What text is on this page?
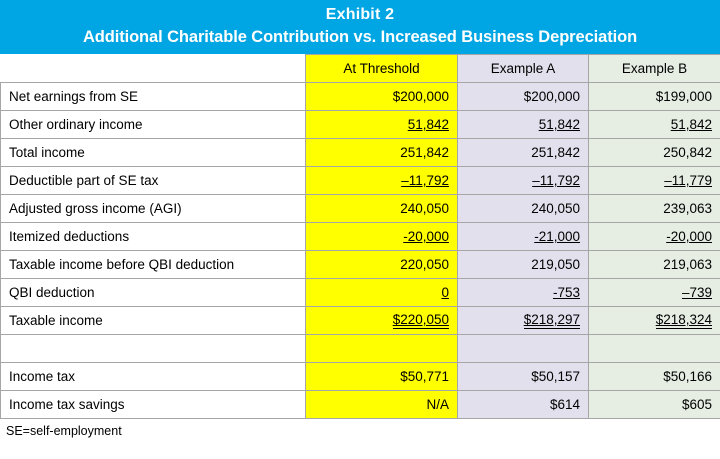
Exhibit 2
Additional Charitable Contribution vs. Increased Business Depreciation
	At Threshold	Example A	Example B
Net earnings from SE	$200,000	$200,000	$199,000
Other ordinary income	51,842	51,842	51,842
Total income	251,842	251,842	250,842
Deductible part of SE tax	–11,792	–11,792	–11,779
Adjusted gross income (AGI)	240,050	240,050	239,063
Itemized deductions	-20,000	-21,000	-20,000
Taxable income before QBI deduction	220,050	219,050	219,063
QBI deduction	0	-753	–739
Taxable income	$220,050	$218,297	$218,324

Income tax	$50,771	$50,157	$50,166
Income tax savings	N/A	$614	$605
SE=self-employment
